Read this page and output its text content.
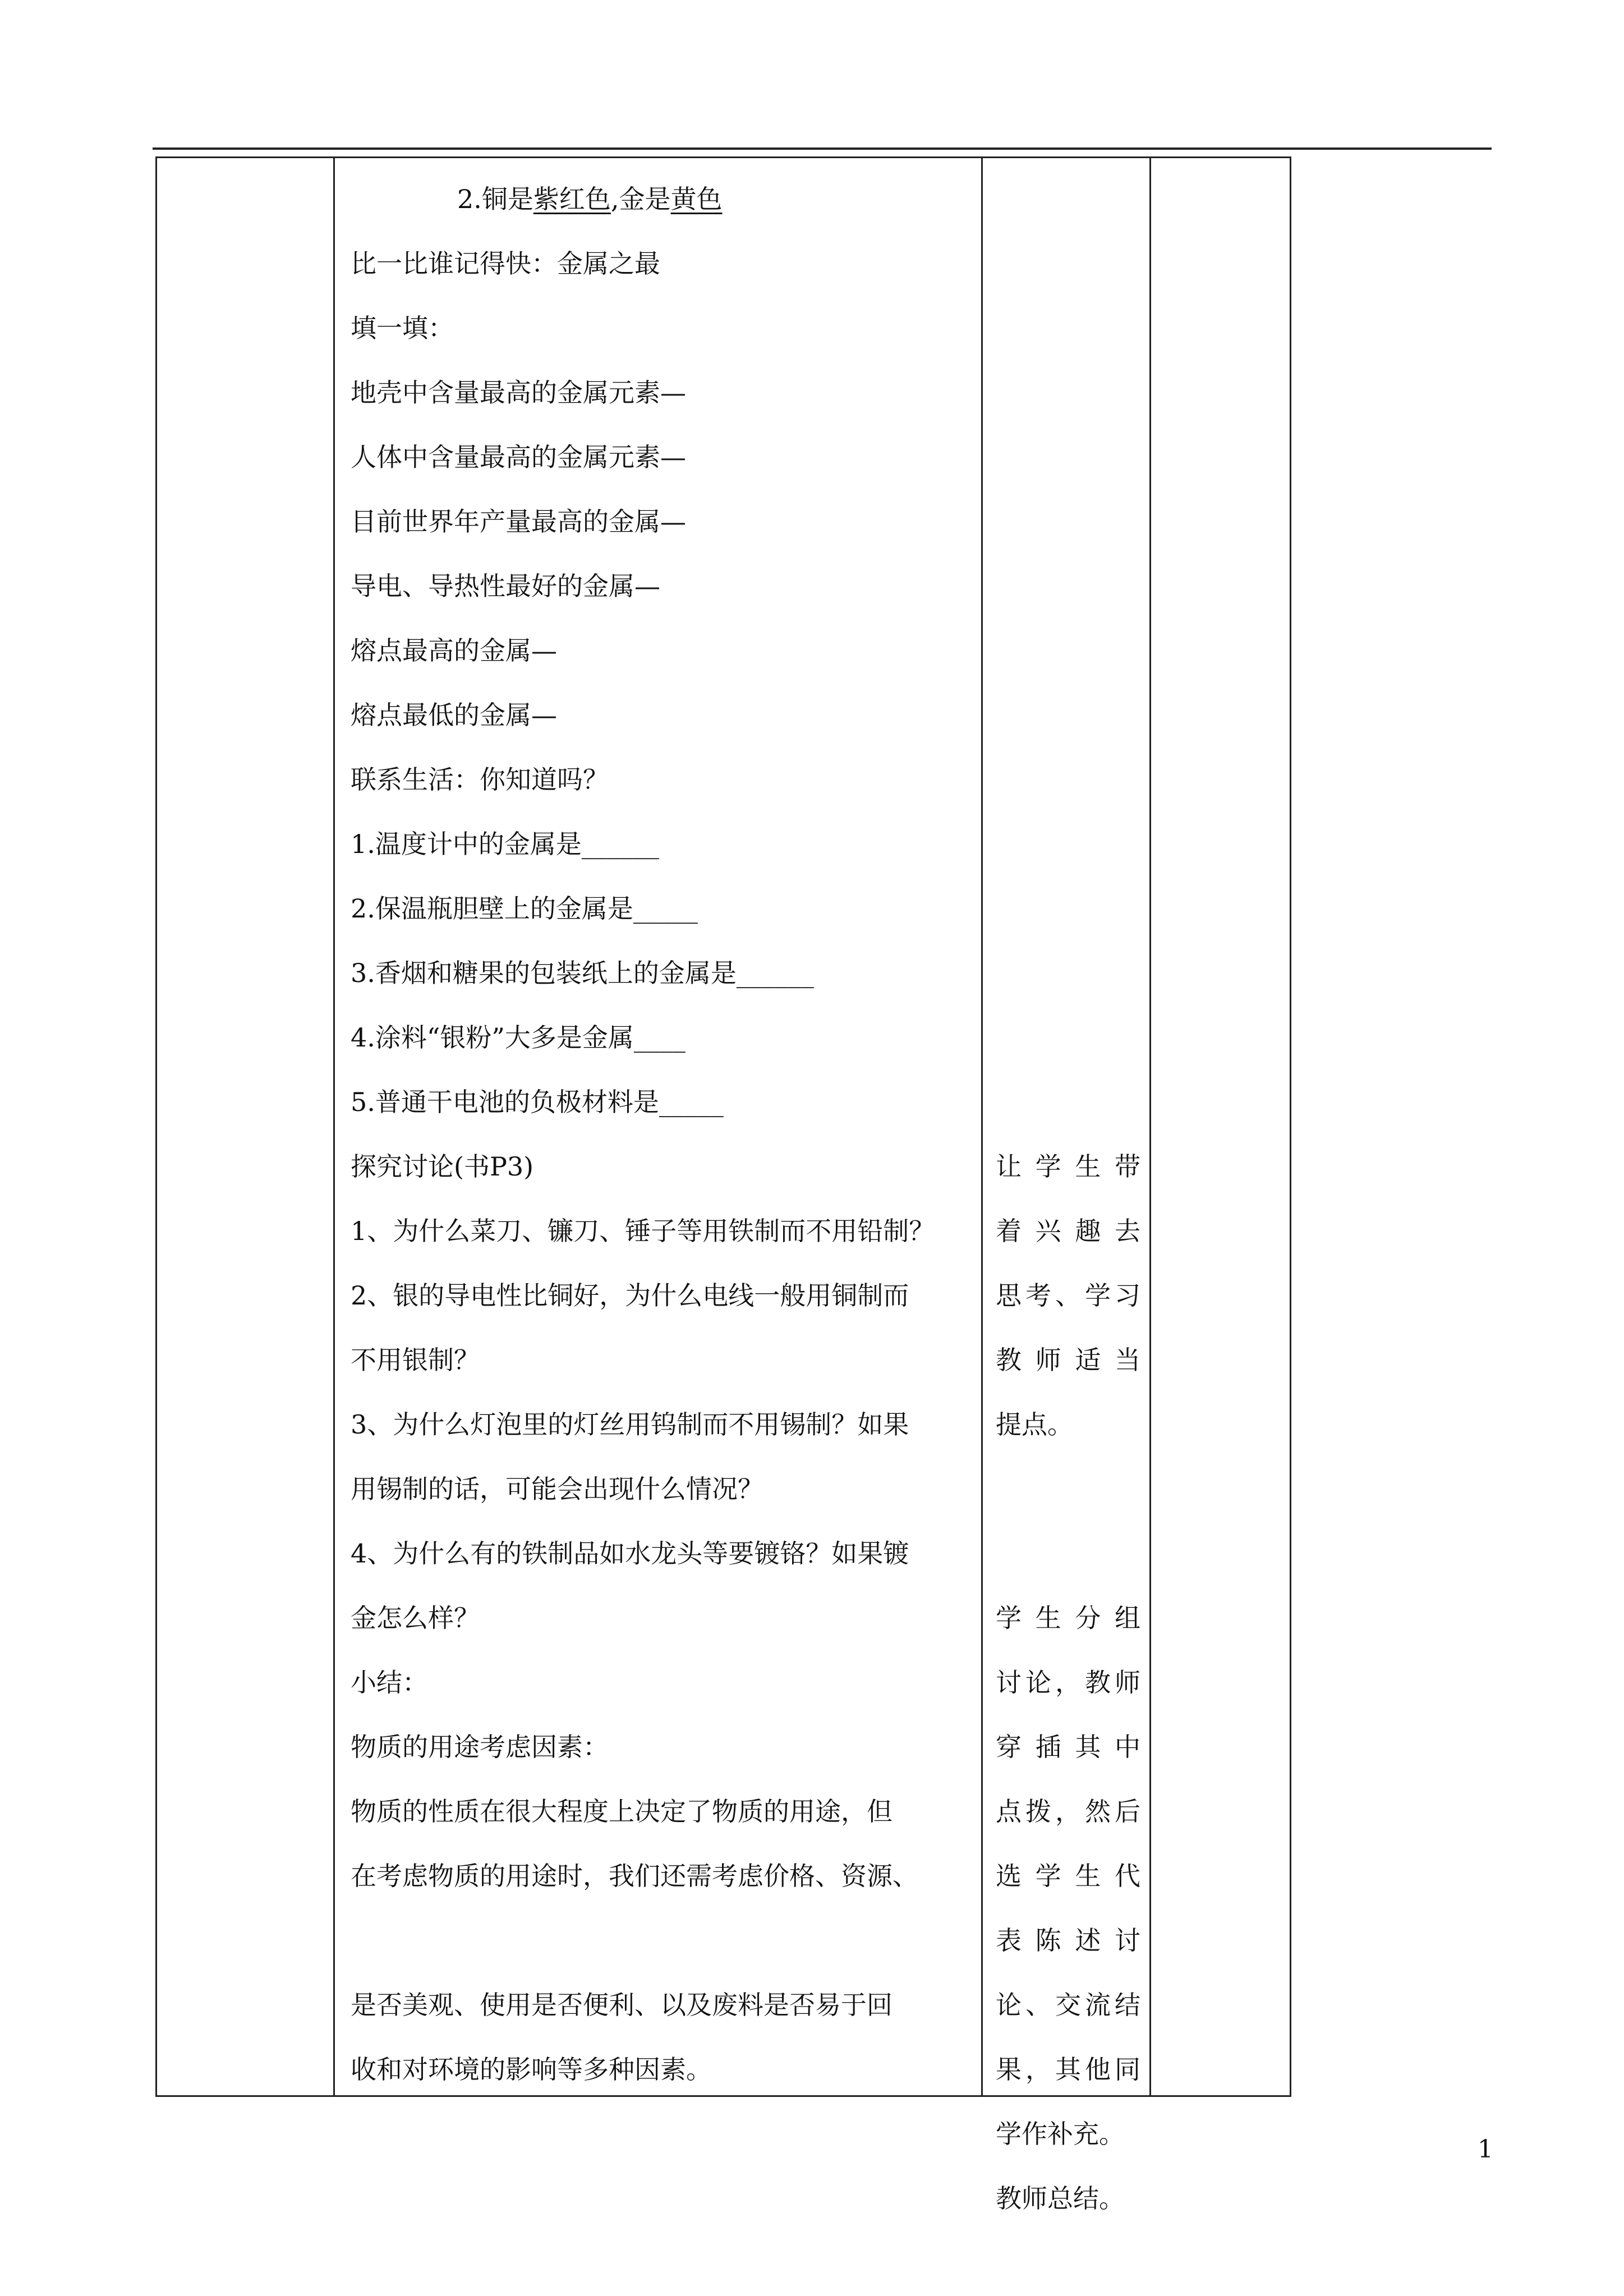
2.铜是紫红色,金是黄色
比一比谁记得快：金属之最
填一填：
地壳中含量最高的金属元素—
人体中含量最高的金属元素—
目前世界年产量最高的金属—
导电、导热性最好的金属—
熔点最高的金属—
熔点最低的金属—
联系生活：你知道吗？
1.温度计中的金属是______
2.保温瓶胆壁上的金属是_____
3.香烟和糖果的包装纸上的金属是______
4.涂料“银粉”大多是金属____
5.普通干电池的负极材料是_____
探究讨论(书P3)
1、为什么菜刀、镰刀、锤子等用铁制而不用铅制？
2、银的导电性比铜好，为什么电线一般用铜制而
不用银制？
3、为什么灯泡里的灯丝用钨制而不用锡制？如果
用锡制的话，可能会出现什么情况？
4、为什么有的铁制品如水龙头等要镀铬？如果镀
金怎么样？
小结：
物质的用途考虑因素：
物质的性质在很大程度上决定了物质的用途，但
在考虑物质的用途时，我们还需考虑价格、资源、
是否美观、使用是否便利、以及废料是否易于回
收和对环境的影响等多种因素。
让学生带
着兴趣去
思考、学习
教师适当
提点。
学生分组
讨论，教师
穿插其中
点拨，然后
选学生代
表陈述讨
论、交流结
果，其他同
学作补充。
教师总结。
1
